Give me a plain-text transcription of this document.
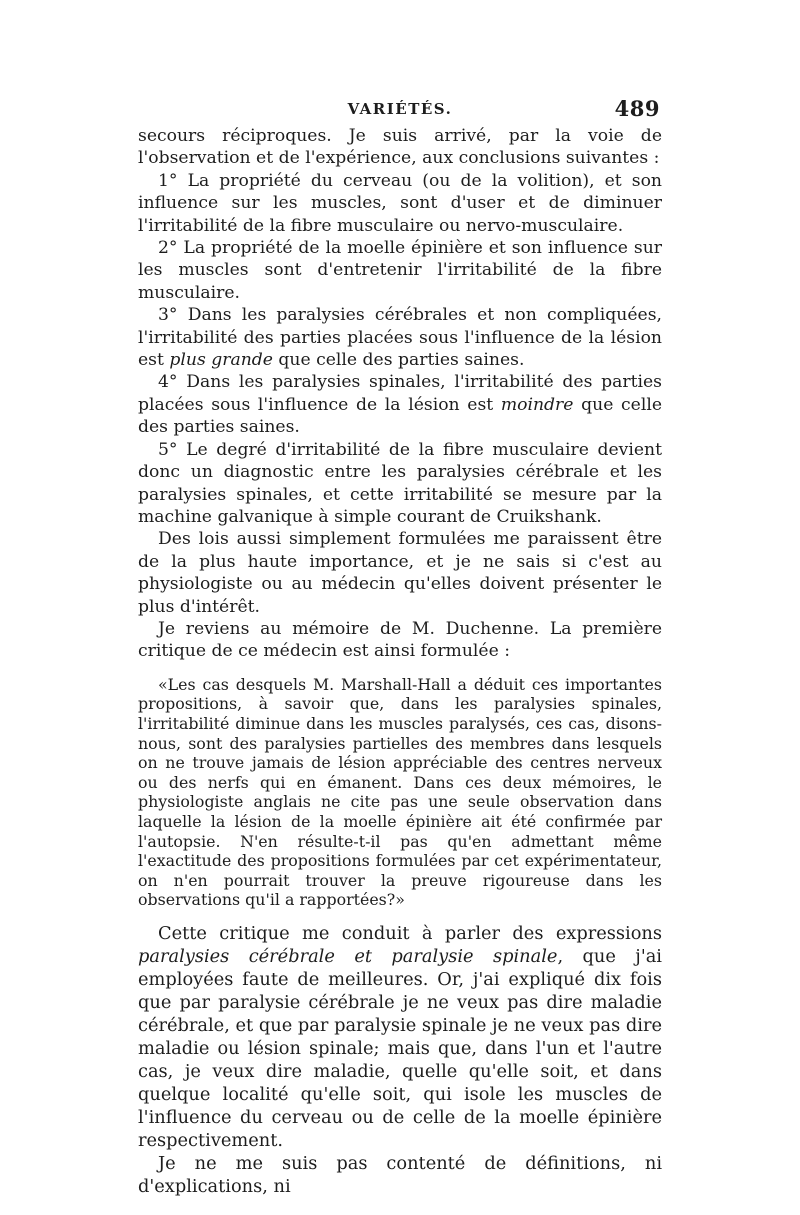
VARIÉTÉS.	489

secours réciproques. Je suis arrivé, par la voie de l'observation et de l'expérience, aux conclusions suivantes :

1° La propriété du cerveau (ou de la volition), et son influence sur les muscles, sont d'user et de diminuer l'irritabilité de la fibre musculaire ou nervo-musculaire.

2° La propriété de la moelle épinière et son influence sur les muscles sont d'entretenir l'irritabilité de la fibre musculaire.

3° Dans les paralysies cérébrales et non compliquées, l'irritabilité des parties placées sous l'influence de la lésion est plus grande que celle des parties saines.

4° Dans les paralysies spinales, l'irritabilité des parties placées sous l'influence de la lésion est moindre que celle des parties saines.

5° Le degré d'irritabilité de la fibre musculaire devient donc un diagnostic entre les paralysies cérébrale et les paralysies spinales, et cette irritabilité se mesure par la machine galvanique à simple courant de Cruikshank.

Des lois aussi simplement formulées me paraissent être de la plus haute importance, et je ne sais si c'est au physiologiste ou au médecin qu'elles doivent présenter le plus d'intérêt.

Je reviens au mémoire de M. Duchenne. La première critique de ce médecin est ainsi formulée :

«Les cas desquels M. Marshall-Hall a déduit ces importantes propositions, à savoir que, dans les paralysies spinales, l'irritabilité diminue dans les muscles paralysés, ces cas, disons-nous, sont des paralysies partielles des membres dans lesquels on ne trouve jamais de lésion appréciable des centres nerveux ou des nerfs qui en émanent. Dans ces deux mémoires, le physiologiste anglais ne cite pas une seule observation dans laquelle la lésion de la moelle épinière ait été confirmée par l'autopsie. N'en résulte-t-il pas qu'en admettant même l'exactitude des propositions formulées par cet expérimentateur, on n'en pourrait trouver la preuve rigoureuse dans les observations qu'il a rapportées?»

Cette critique me conduit à parler des expressions paralysies cérébrale et paralysie spinale, que j'ai employées faute de meilleures. Or, j'ai expliqué dix fois que par paralysie cérébrale je ne veux pas dire maladie cérébrale, et que par paralysie spinale je ne veux pas dire maladie ou lésion spinale; mais que, dans l'un et l'autre cas, je veux dire maladie, quelle qu'elle soit, et dans quelque localité qu'elle soit, qui isole les muscles de l'influence du cerveau ou de celle de la moelle épinière respectivement.

Je ne me suis pas contenté de définitions, ni d'explications, ni
